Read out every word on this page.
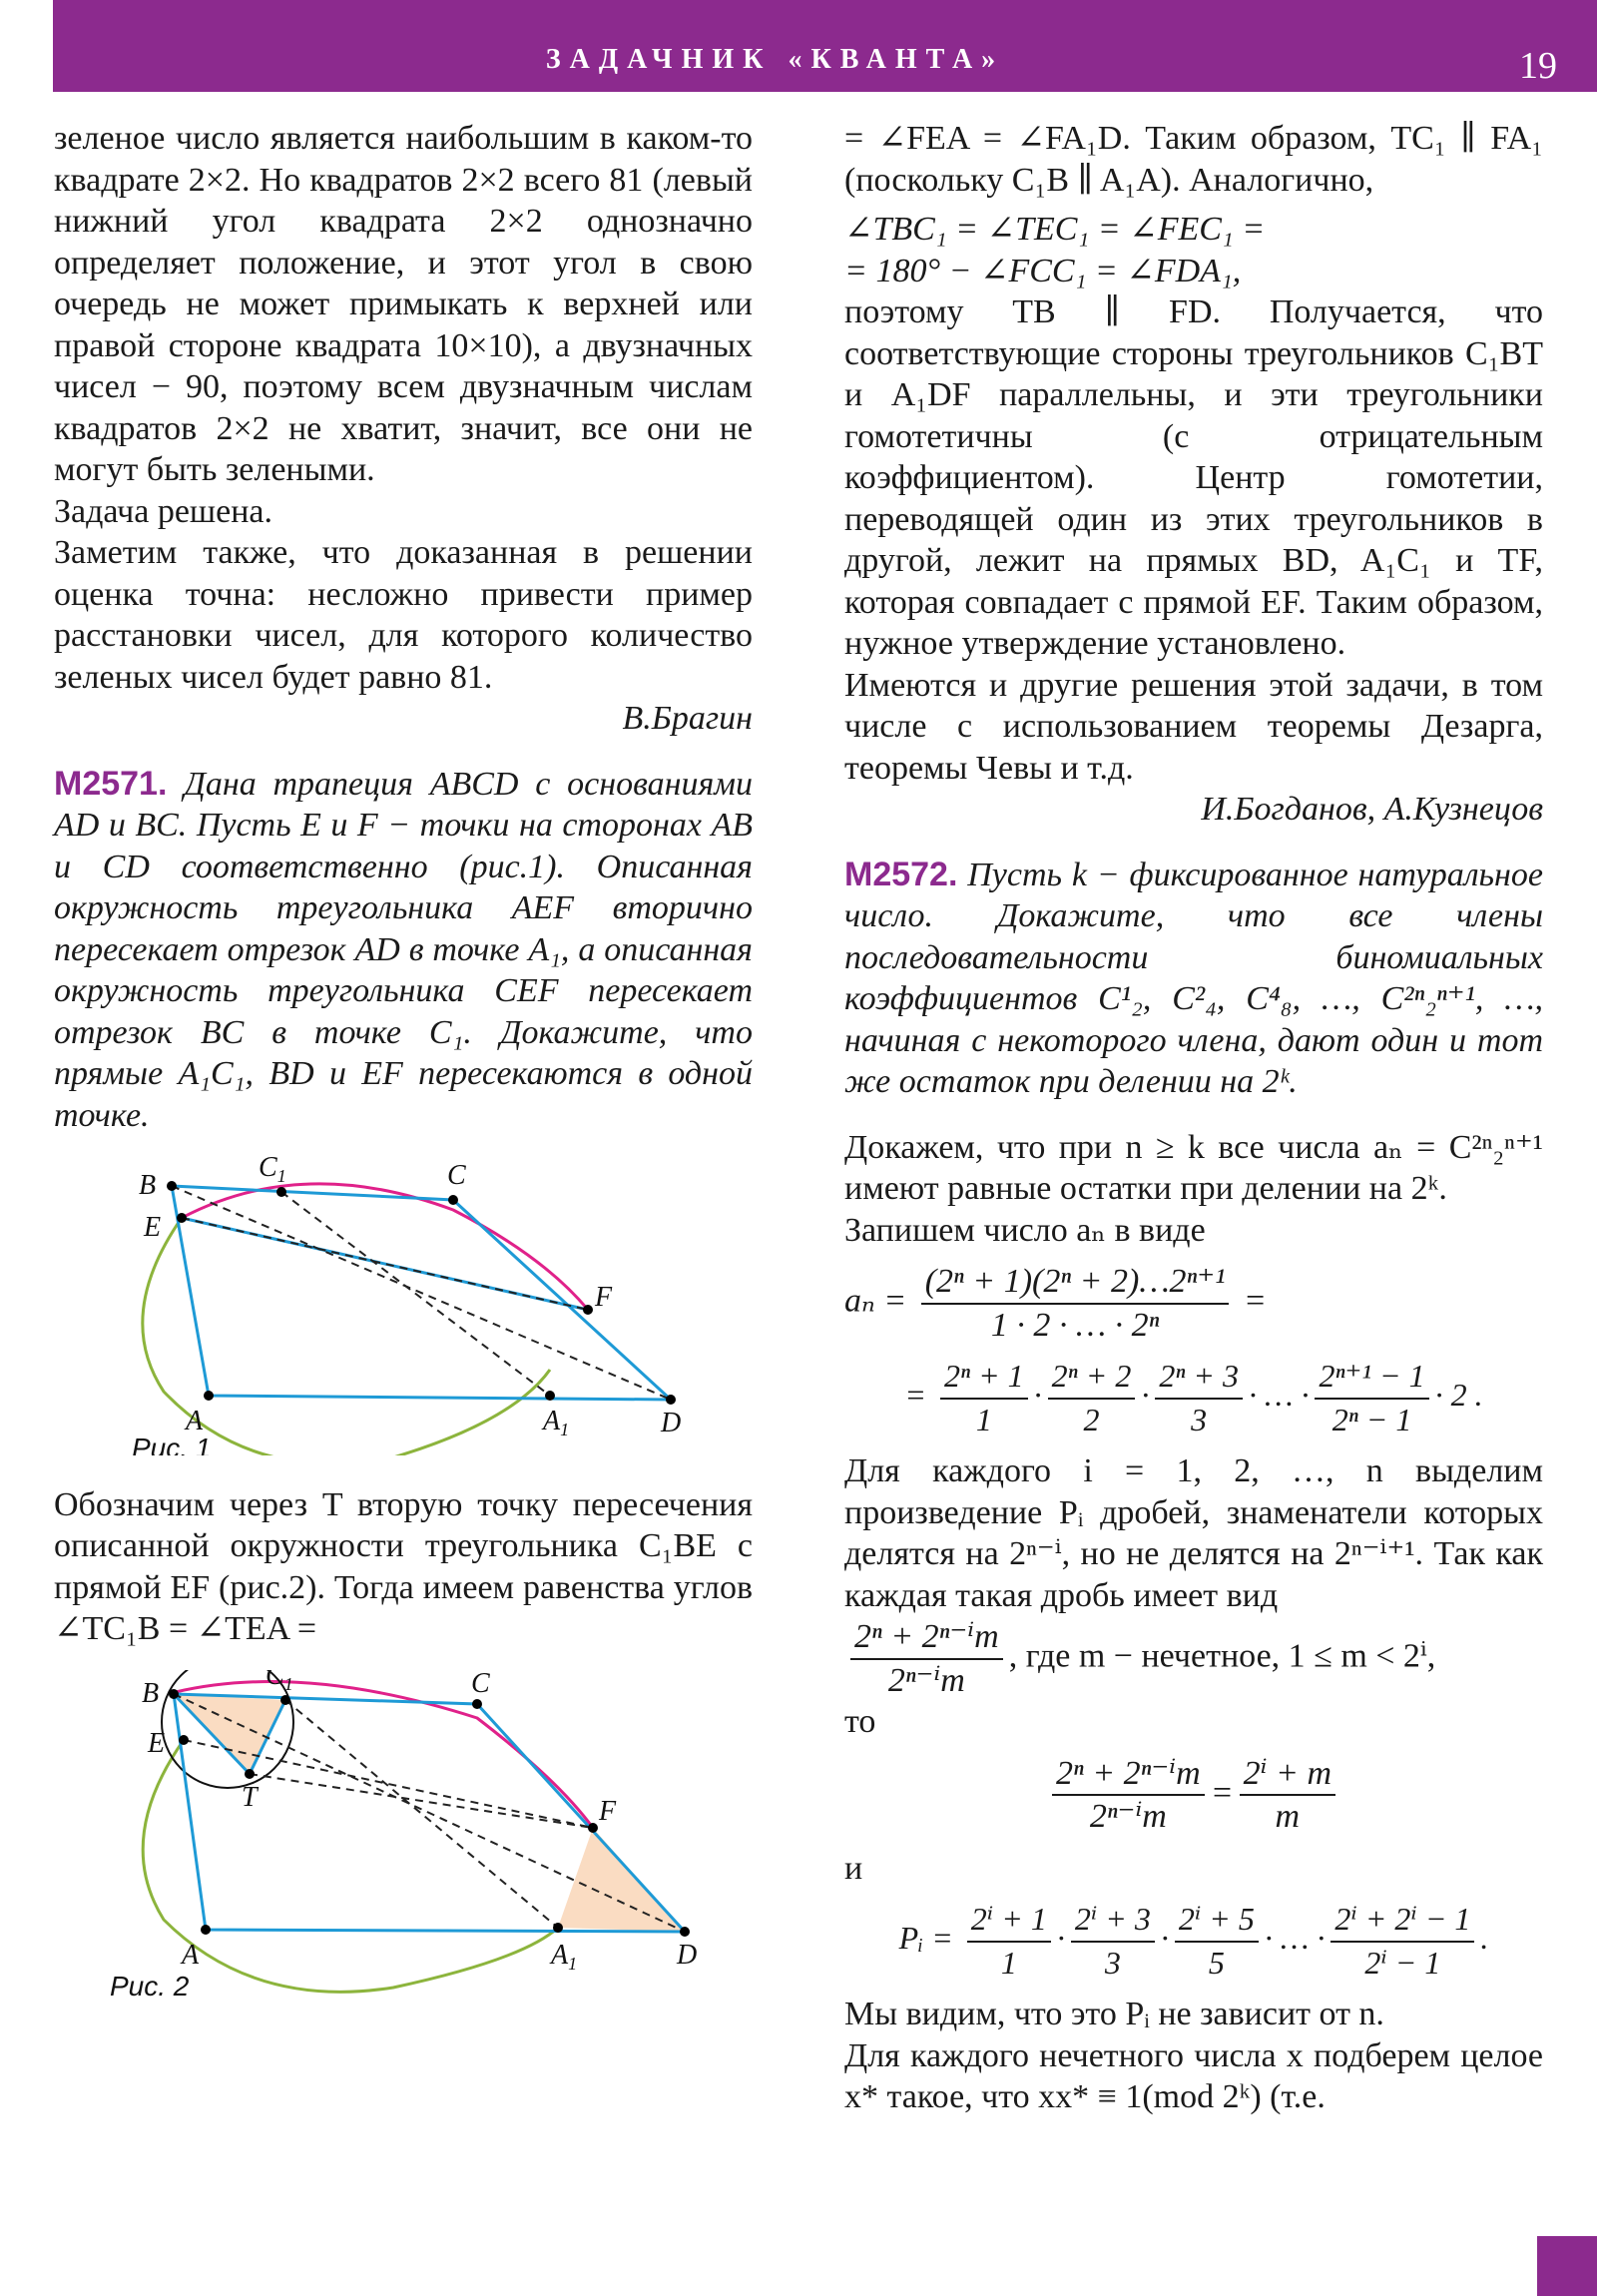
ЗАДАЧНИК «КВАНТА»	19

зеленое число является наибольшим в каком-то квадрате 2×2. Но квадратов 2×2 всего 81 (левый нижний угол квадрата 2×2 однозначно определяет положение, и этот угол в свою очередь не может примыкать к верхней или правой стороне квадрата 10×10), а двузначных чисел − 90, поэтому всем двузначным числам квадратов 2×2 не хватит, значит, все они не могут быть зелеными.

Задача решена.

Заметим также, что доказанная в решении оценка точна: несложно привести пример расстановки чисел, для которого количество зеленых чисел будет равно 81.

В.Брагин

М2571. Дана трапеция ABCD с основаниями AD и BC. Пусть E и F − точки на сторонах AB и CD соответственно (рис.1). Описанная окружность треугольника AEF вторично пересекает отрезок AD в точке A₁, а описанная окружность треугольника CEF пересекает отрезок BC в точке C₁. Докажите, что прямые A₁C₁, BD и EF пересекаются в одной точке.

B
$C_1$	C
E
F
A	$A_1$	D
Рис. 1

Обозначим через T вторую точку пересечения описанной окружности треугольника C₁BE с прямой EF (рис.2). Тогда имеем равенства углов ∠TC₁B = ∠TEA =

B
$C_1$	C
E
T	F
A	$A_1$	D
Рис. 2

= ∠FEA = ∠FA₁D. Таким образом, TC₁ ∥ FA₁ (поскольку C₁B ∥ A₁A). Аналогично,

∠TBC₁ = ∠TEC₁ = ∠FEC₁ =

= 180° − ∠FCC₁ = ∠FDA₁,

поэтому TB ∥ FD. Получается, что соответствующие стороны треугольников C₁BT и A₁DF параллельны, и эти треугольники гомотетичны (с отрицательным коэффициентом). Центр гомотетии, переводящей один из этих треугольников в другой, лежит на прямых BD, A₁C₁ и TF, которая совпадает с прямой EF. Таким образом, нужное утверждение установлено.

Имеются и другие решения этой задачи, в том числе с использованием теоремы Дезарга, теоремы Чевы и т.д.

И.Богданов, А.Кузнецов

М2572. Пусть k − фиксированное натуральное число. Докажите, что все члены последовательности биномиальных коэффициентов C¹₂, C²₄, C⁴₈, …, C²ⁿ₂ⁿ⁺¹, …, начиная с некоторого члена, дают один и тот же остаток при делении на 2ᵏ.

Докажем, что при n ≥ k все числа aₙ = C²ⁿ₂ⁿ⁺¹ имеют равные остатки при делении на 2ᵏ.

Запишем число aₙ в виде

$a_n = \frac{\text{(2ⁿ + 1)(2ⁿ + 2)…2ⁿ⁺¹}}{\text{1 · 2 · … · 2ⁿ}}$ =
= $\frac{\text{2ⁿ + 1}}{1} \cdot \frac{\text{2ⁿ + 2}}{2} \cdot \frac{\text{2ⁿ + 3}}{3}$ · … · $\frac{\text{2ⁿ⁺¹ − 1}}{\text{2ⁿ − 1}} \cdot 2$ .

Для каждого i = 1, 2, …, n выделим произведение Pᵢ дробей, знаменатели которых делятся на 2ⁿ⁻ⁱ, но не делятся на 2ⁿ⁻ⁱ⁺¹. Так как каждая такая дробь имеет вид

$\frac{\text{2ⁿ + 2ⁿ⁻ⁱm}}{\text{2ⁿ⁻ⁱm}}$ , где m − нечетное, 1 ≤ m < 2ⁱ,

то

$\frac{\text{2ⁿ + 2ⁿ⁻ⁱm}}{\text{2ⁿ⁻ⁱm}} = \frac{\text{2ⁱ + m}}{m}$

и

Pᵢ = $\frac{\text{2ⁱ + 1}}{1} \cdot \frac{\text{2ⁱ + 3}}{3} \cdot \frac{\text{2ⁱ + 5}}{5}$ · … · $\frac{\text{2ⁱ + 2ⁱ − 1}}{\text{2ⁱ − 1}}$ .

Мы видим, что это Pᵢ не зависит от n.

Для каждого нечетного числа x подберем целое x* такое, что xx* ≡ 1(mod 2ᵏ) (т.е.
